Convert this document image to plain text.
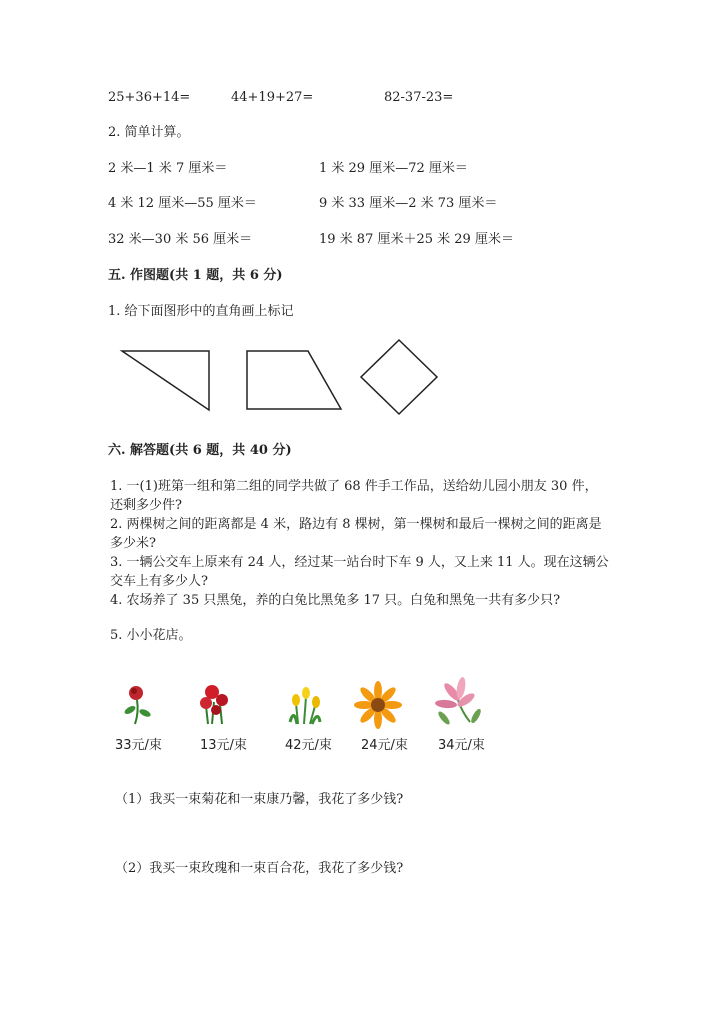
25+36+14=	44+19+27=	82-37-23=
2. 简单计算。
2 米—1 米 7 厘米＝	1 米 29 厘米—72 厘米＝
4 米 12 厘米—55 厘米＝	9 米 33 厘米—2 米 73 厘米＝
32 米—30 米 56 厘米＝	19 米 87 厘米＋25 米 29 厘米＝
五. 作图题(共 1 题，共 6 分)
1. 给下面图形中的直角画上标记
六. 解答题(共 6 题，共 40 分)
1. 一(1)班第一组和第二组的同学共做了 68 件手工作品，送给幼儿园小朋友 30 件，还剩多少件?
2. 两棵树之间的距离都是 4 米，路边有 8 棵树，第一棵树和最后一棵树之间的距离是多少米?
3. 一辆公交车上原来有 24 人，经过某一站台时下车 9 人，又上来 11 人。现在这辆公交车上有多少人?
4. 农场养了 35 只黑兔，养的白兔比黑兔多 17 只。白兔和黑兔一共有多少只?
5. 小小花店。
33元/束	13元/束	42元/束 24元/束 34元/束
（1）我买一束菊花和一束康乃馨，我花了多少钱?
（2）我买一束玫瑰和一束百合花，我花了多少钱?
